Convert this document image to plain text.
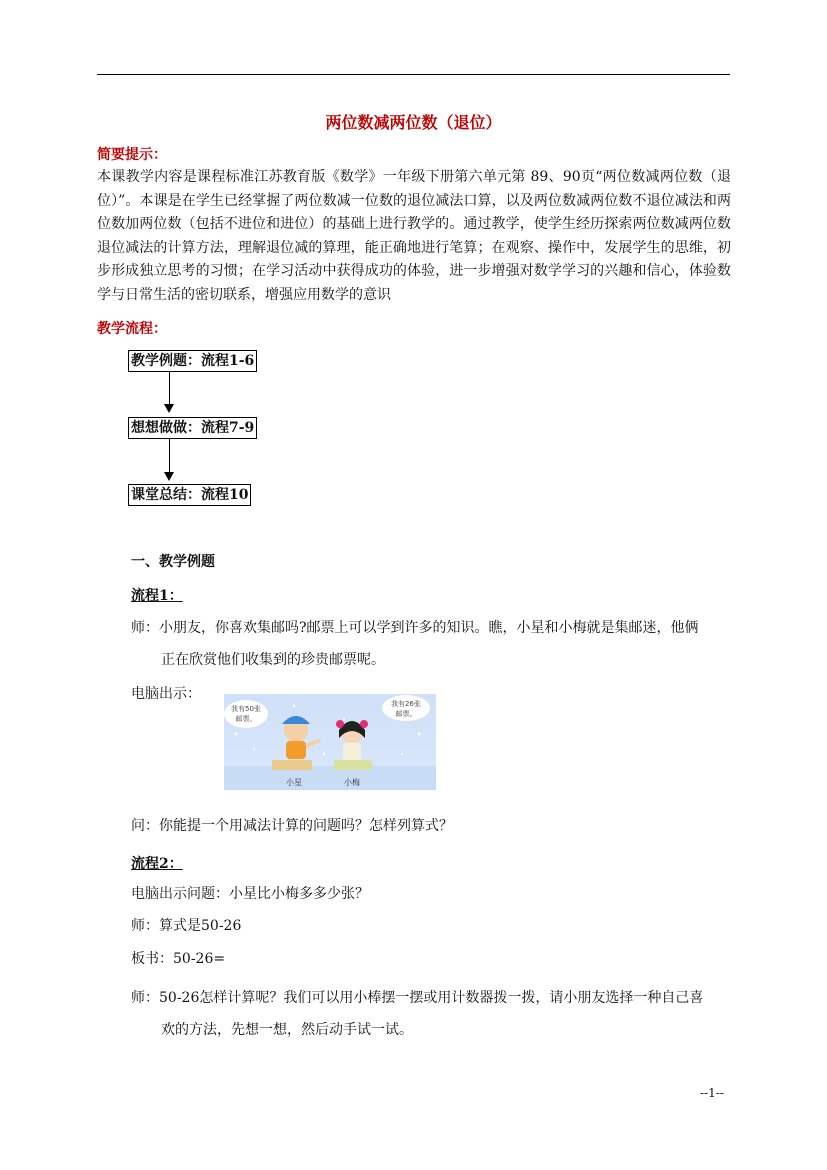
两位数减两位数（退位）
简要提示：
本课教学内容是课程标准江苏教育版《数学》一年级下册第六单元第 89、90页“两位数减两位数（退位）”。本课是在学生已经掌握了两位数减一位数的退位减法口算，以及两位数减两位数不退位减法和两位数加两位数（包括不进位和进位）的基础上进行教学的。通过教学，使学生经历探索两位数减两位数退位减法的计算方法，理解退位减的算理，能正确地进行笔算；在观察、操作中，发展学生的思维，初步形成独立思考的习惯；在学习活动中获得成功的体验，进一步增强对数学学习的兴趣和信心，体验数学与日常生活的密切联系，增强应用数学的意识
教学流程：
教学例题：流程1-6
想想做做：流程7-9
课堂总结：流程10
一、教学例题
流程1：
师：小朋友，你喜欢集邮吗?邮票上可以学到许多的知识。瞧，小星和小梅就是集邮迷，他俩
正在欣赏他们收集到的珍贵邮票呢。
电脑出示：
我有50张
邮票。
我有26张
邮票。
小星	小梅
问：你能提一个用减法计算的问题吗？怎样列算式？
流程2：
电脑出示问题：小星比小梅多多少张？
师：算式是50-26
板书：50-26=
师：50-26怎样计算呢？我们可以用小棒摆一摆或用计数器拨一拨，请小朋友选择一种自己喜
欢的方法，先想一想，然后动手试一试。
--1--
